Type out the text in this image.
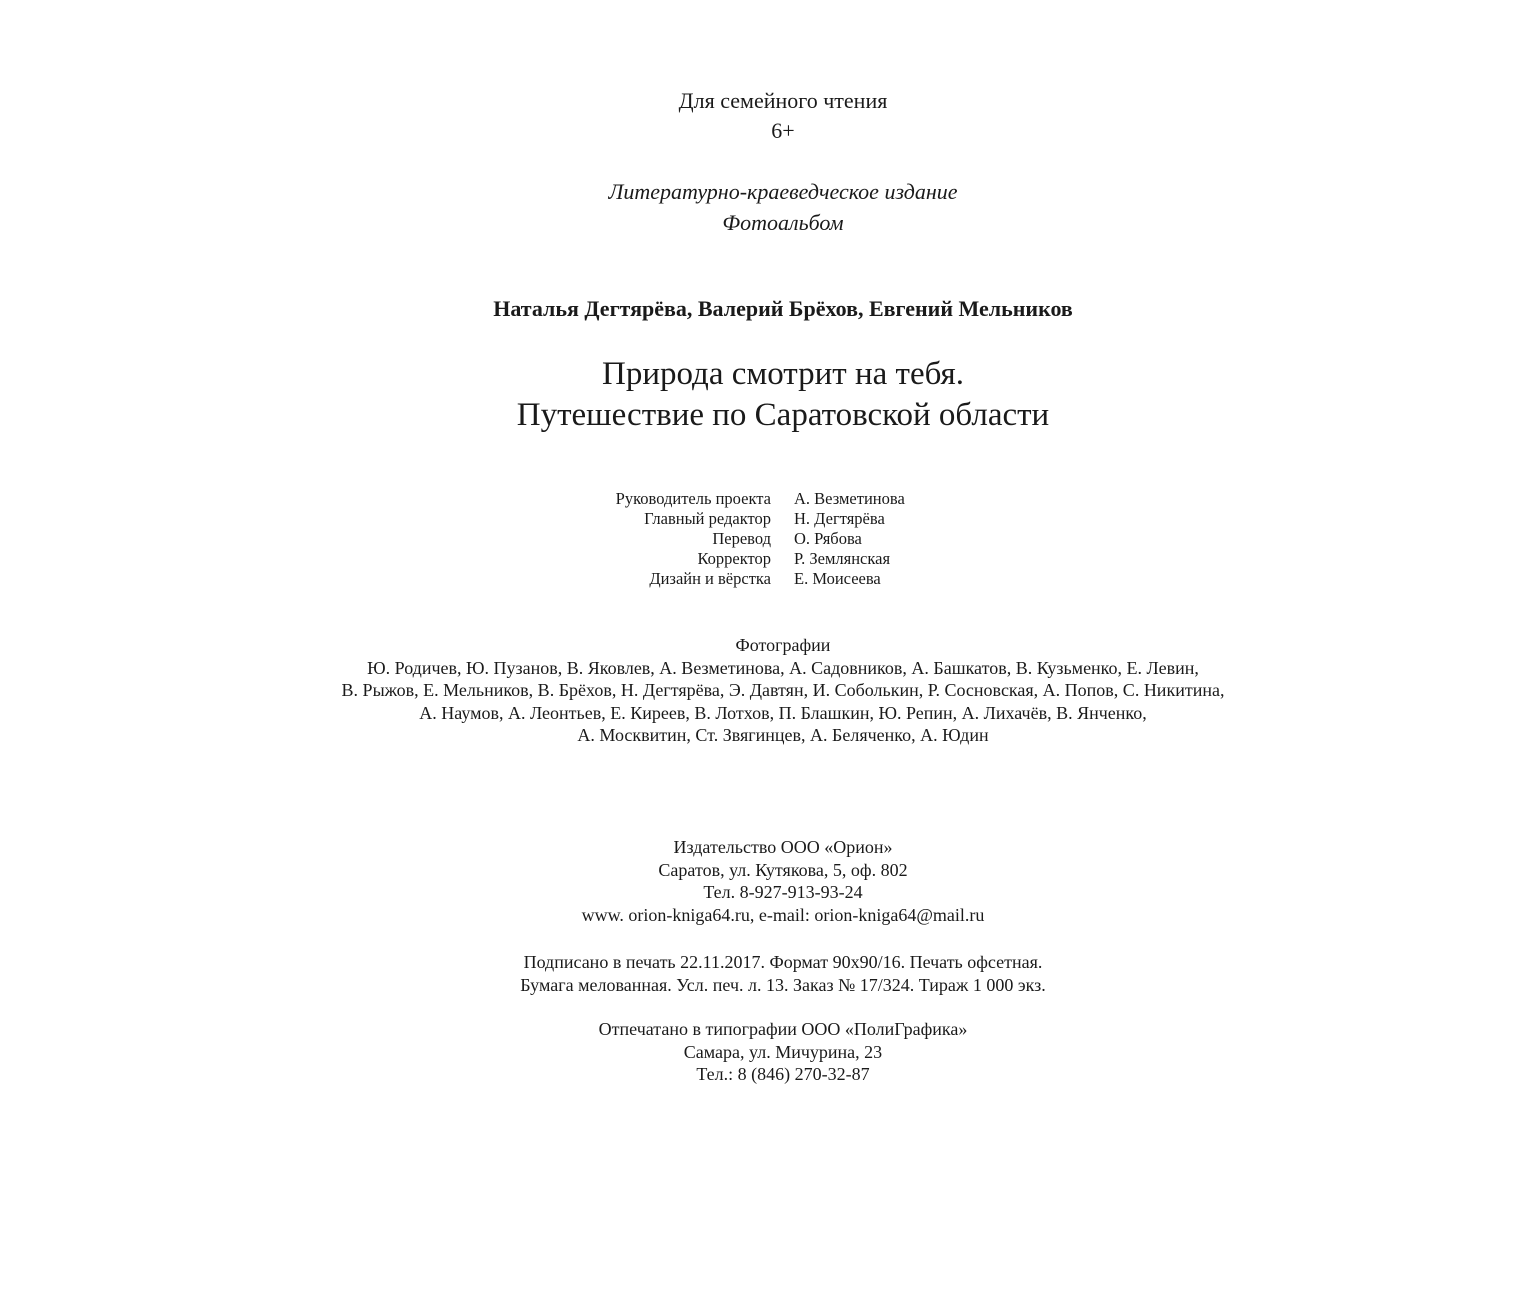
Для семейного чтения
6+
Литературно-краеведческое издание
Фотоальбом
Наталья Дегтярёва, Валерий Брёхов, Евгений Мельников
Природа смотрит на тебя.
Путешествие по Саратовской области
Руководитель проекта А. Везметинова
Главный редактор Н. Дегтярёва
Перевод О. Рябова
Корректор Р. Землянская
Дизайн и вёрстка Е. Моисеева
Фотографии
Ю. Родичев, Ю. Пузанов, В. Яковлев, А. Везметинова, А. Садовников, А. Башкатов, В. Кузьменко, Е. Левин,
В. Рыжов, Е. Мельников, В. Брёхов, Н. Дегтярёва, Э. Давтян, И. Соболькин, Р. Сосновская, А. Попов, С. Никитина,
А. Наумов, А. Леонтьев, Е. Киреев, В. Лотхов, П. Блашкин, Ю. Репин, А. Лихачёв, В. Янченко,
А. Москвитин, Ст. Звягинцев, А. Беляченко, А. Юдин
Издательство ООО «Орион»
Саратов, ул. Кутякова, 5, оф. 802
Тел. 8-927-913-93-24
www. orion-kniga64.ru, e-mail: orion-kniga64@mail.ru
Подписано в печать 22.11.2017. Формат 90х90/16. Печать офсетная.
Бумага мелованная. Усл. печ. л. 13. Заказ № 17/324. Тираж 1 000 экз.
Отпечатано в типографии ООО «ПолиГрафика»
Самара, ул. Мичурина, 23
Тел.: 8 (846) 270-32-87
